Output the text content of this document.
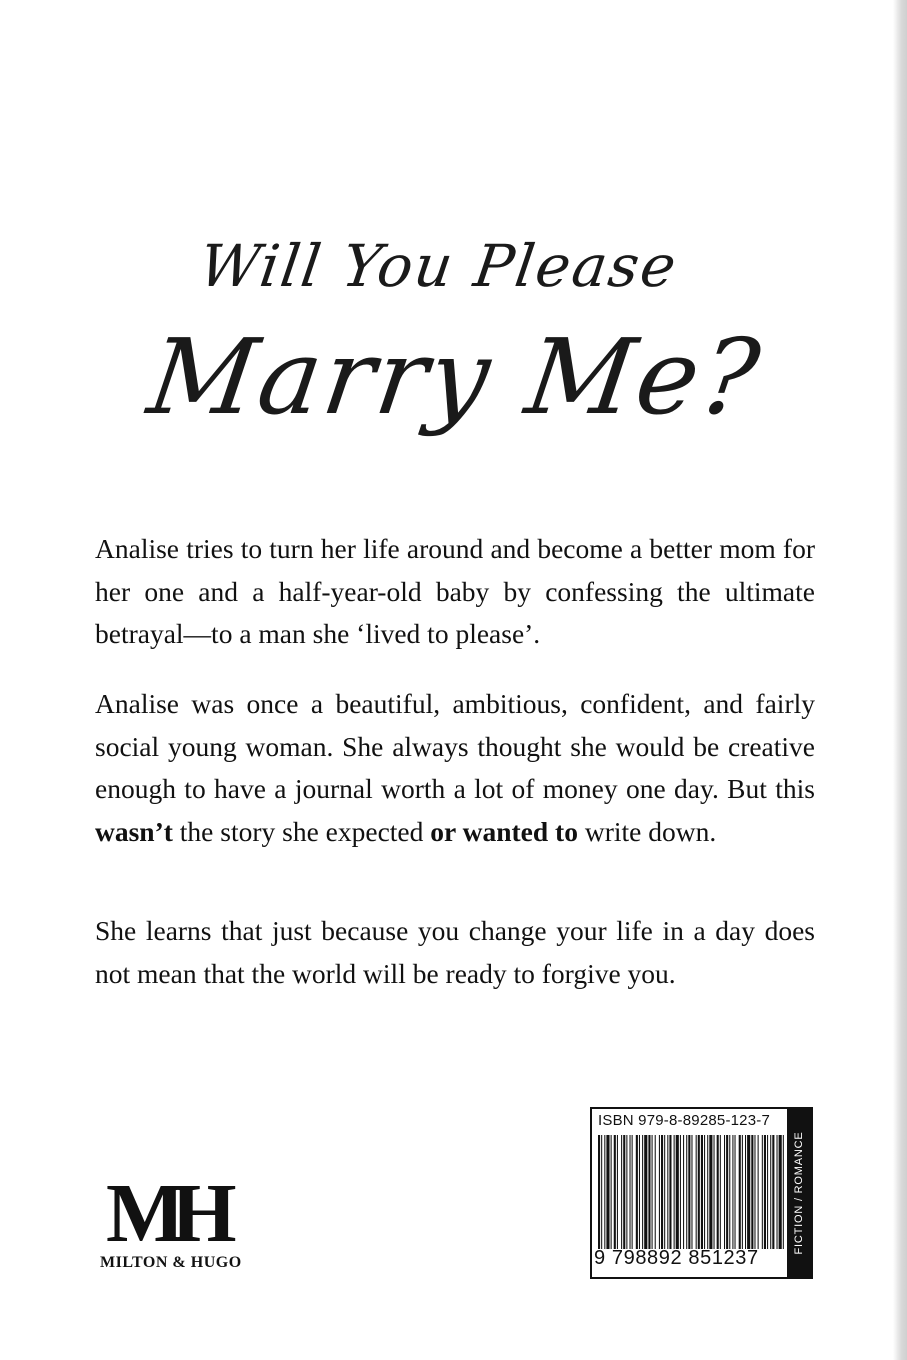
Will You Please
Marry Me?

Analise tries to turn her life around and become a better mom for her one and a half-year-old baby by confessing the ultimate betrayal—to a man she ‘lived to please’.

Analise was once a beautiful, ambitious, confident, and fairly social young woman. She always thought she would be creative enough to have a journal worth a lot of money one day. But this wasn’t the story she expected or wanted to write down.

She learns that just because you change your life in a day does not mean that the world will be ready to forgive you.

MH
MILTON & HUGO
ISBN 979-8-89285-123-7
9 798892 851237
FICTION / ROMANCE
